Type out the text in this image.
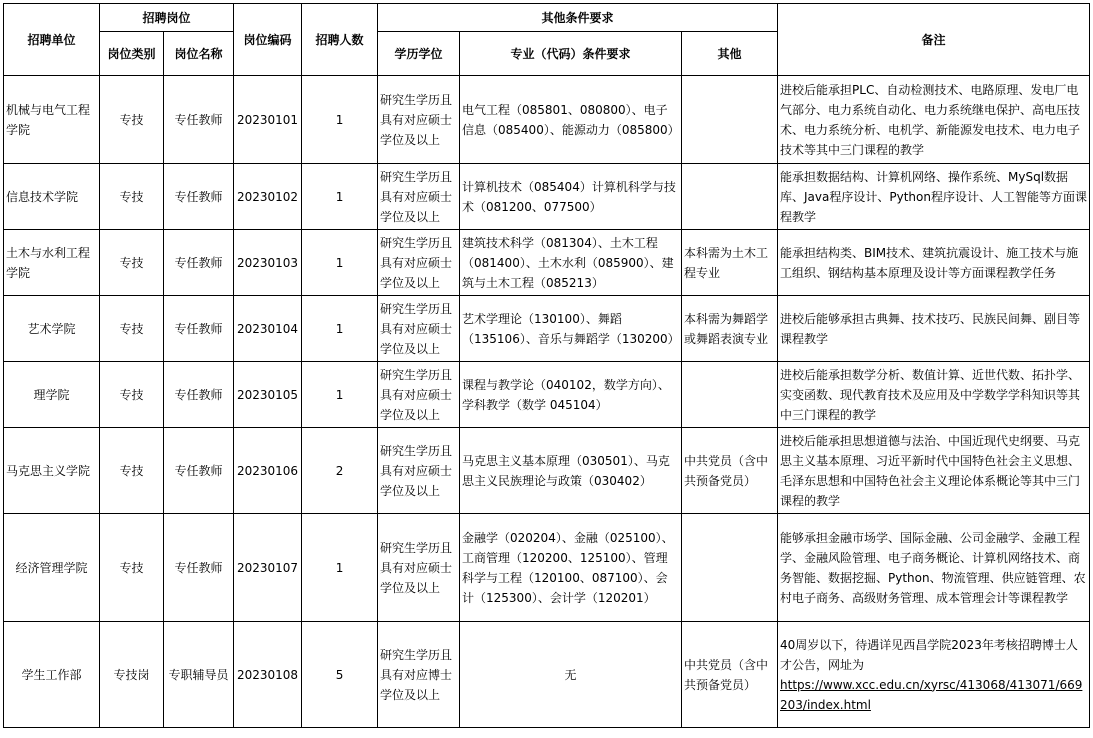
招聘单位	招聘岗位		岗位编码	招聘人数	其他条件要求			备注
	岗位类别	岗位名称			学历学位	专业（代码）条件要求	其他	
机械与电气工程学院	专技	专任教师	20230101	1	研究生学历且具有对应硕士学位及以上	电气工程（085801、080800）、电子信息（085400）、能源动力（085800）		进校后能承担PLC、自动检测技术、电路原理、发电厂电气部分、电力系统自动化、电力系统继电保护、高电压技术、电力系统分析、电机学、新能源发电技术、电力电子技术等其中三门课程的教学
信息技术学院	专技	专任教师	20230102	1	研究生学历且具有对应硕士学位及以上	计算机技术（085404）计算机科学与技术（081200、077500）		能承担数据结构、计算机网络、操作系统、MySql数据库、Java程序设计、Python程序设计、人工智能等方面课程教学
土木与水利工程学院	专技	专任教师	20230103	1	研究生学历且具有对应硕士学位及以上	建筑技术科学（081304）、土木工程（081400）、土木水利（085900）、建筑与土木工程（085213）	本科需为土木工程专业	能承担结构类、BIM技术、建筑抗震设计、施工技术与施工组织、钢结构基本原理及设计等方面课程教学任务
艺术学院	专技	专任教师	20230104	1	研究生学历且具有对应硕士学位及以上	艺术学理论（130100）、舞蹈（135106）、音乐与舞蹈学（130200）	本科需为舞蹈学或舞蹈表演专业	进校后能够承担古典舞、技术技巧、民族民间舞、剧目等课程教学
理学院	专技	专任教师	20230105	1	研究生学历且具有对应硕士学位及以上	课程与教学论（040102，数学方向）、学科教学（数学 045104）		进校后能承担数学分析、数值计算、近世代数、拓扑学、实变函数、现代教育技术及应用及中学数学学科知识等其中三门课程的教学
马克思主义学院	专技	专任教师	20230106	2	研究生学历且具有对应硕士学位及以上	马克思主义基本原理（030501）、马克思主义民族理论与政策（030402）	中共党员（含中共预备党员）	进校后能承担思想道德与法治、中国近现代史纲要、马克思主义基本原理、习近平新时代中国特色社会主义思想、毛泽东思想和中国特色社会主义理论体系概论等其中三门课程的教学
经济管理学院	专技	专任教师	20230107	1	研究生学历且具有对应硕士学位及以上	金融学（020204）、金融（025100）、工商管理（120200、125100）、管理科学与工程（120100、087100）、会计（125300）、会计学（120201）		能够承担金融市场学、国际金融、公司金融学、金融工程学、金融风险管理、电子商务概论、计算机网络技术、商务智能、数据挖掘、Python、物流管理、供应链管理、农村电子商务、高级财务管理、成本管理会计等课程教学
学生工作部	专技岗	专职辅导员	20230108	5	研究生学历且具有对应博士学位及以上	无	中共党员（含中共预备党员）	40周岁以下，待遇详见西昌学院2023年考核招聘博士人才公告，网址为
https://www.xcc.edu.cn/xyrsc/413068/413071/669203/index.html
